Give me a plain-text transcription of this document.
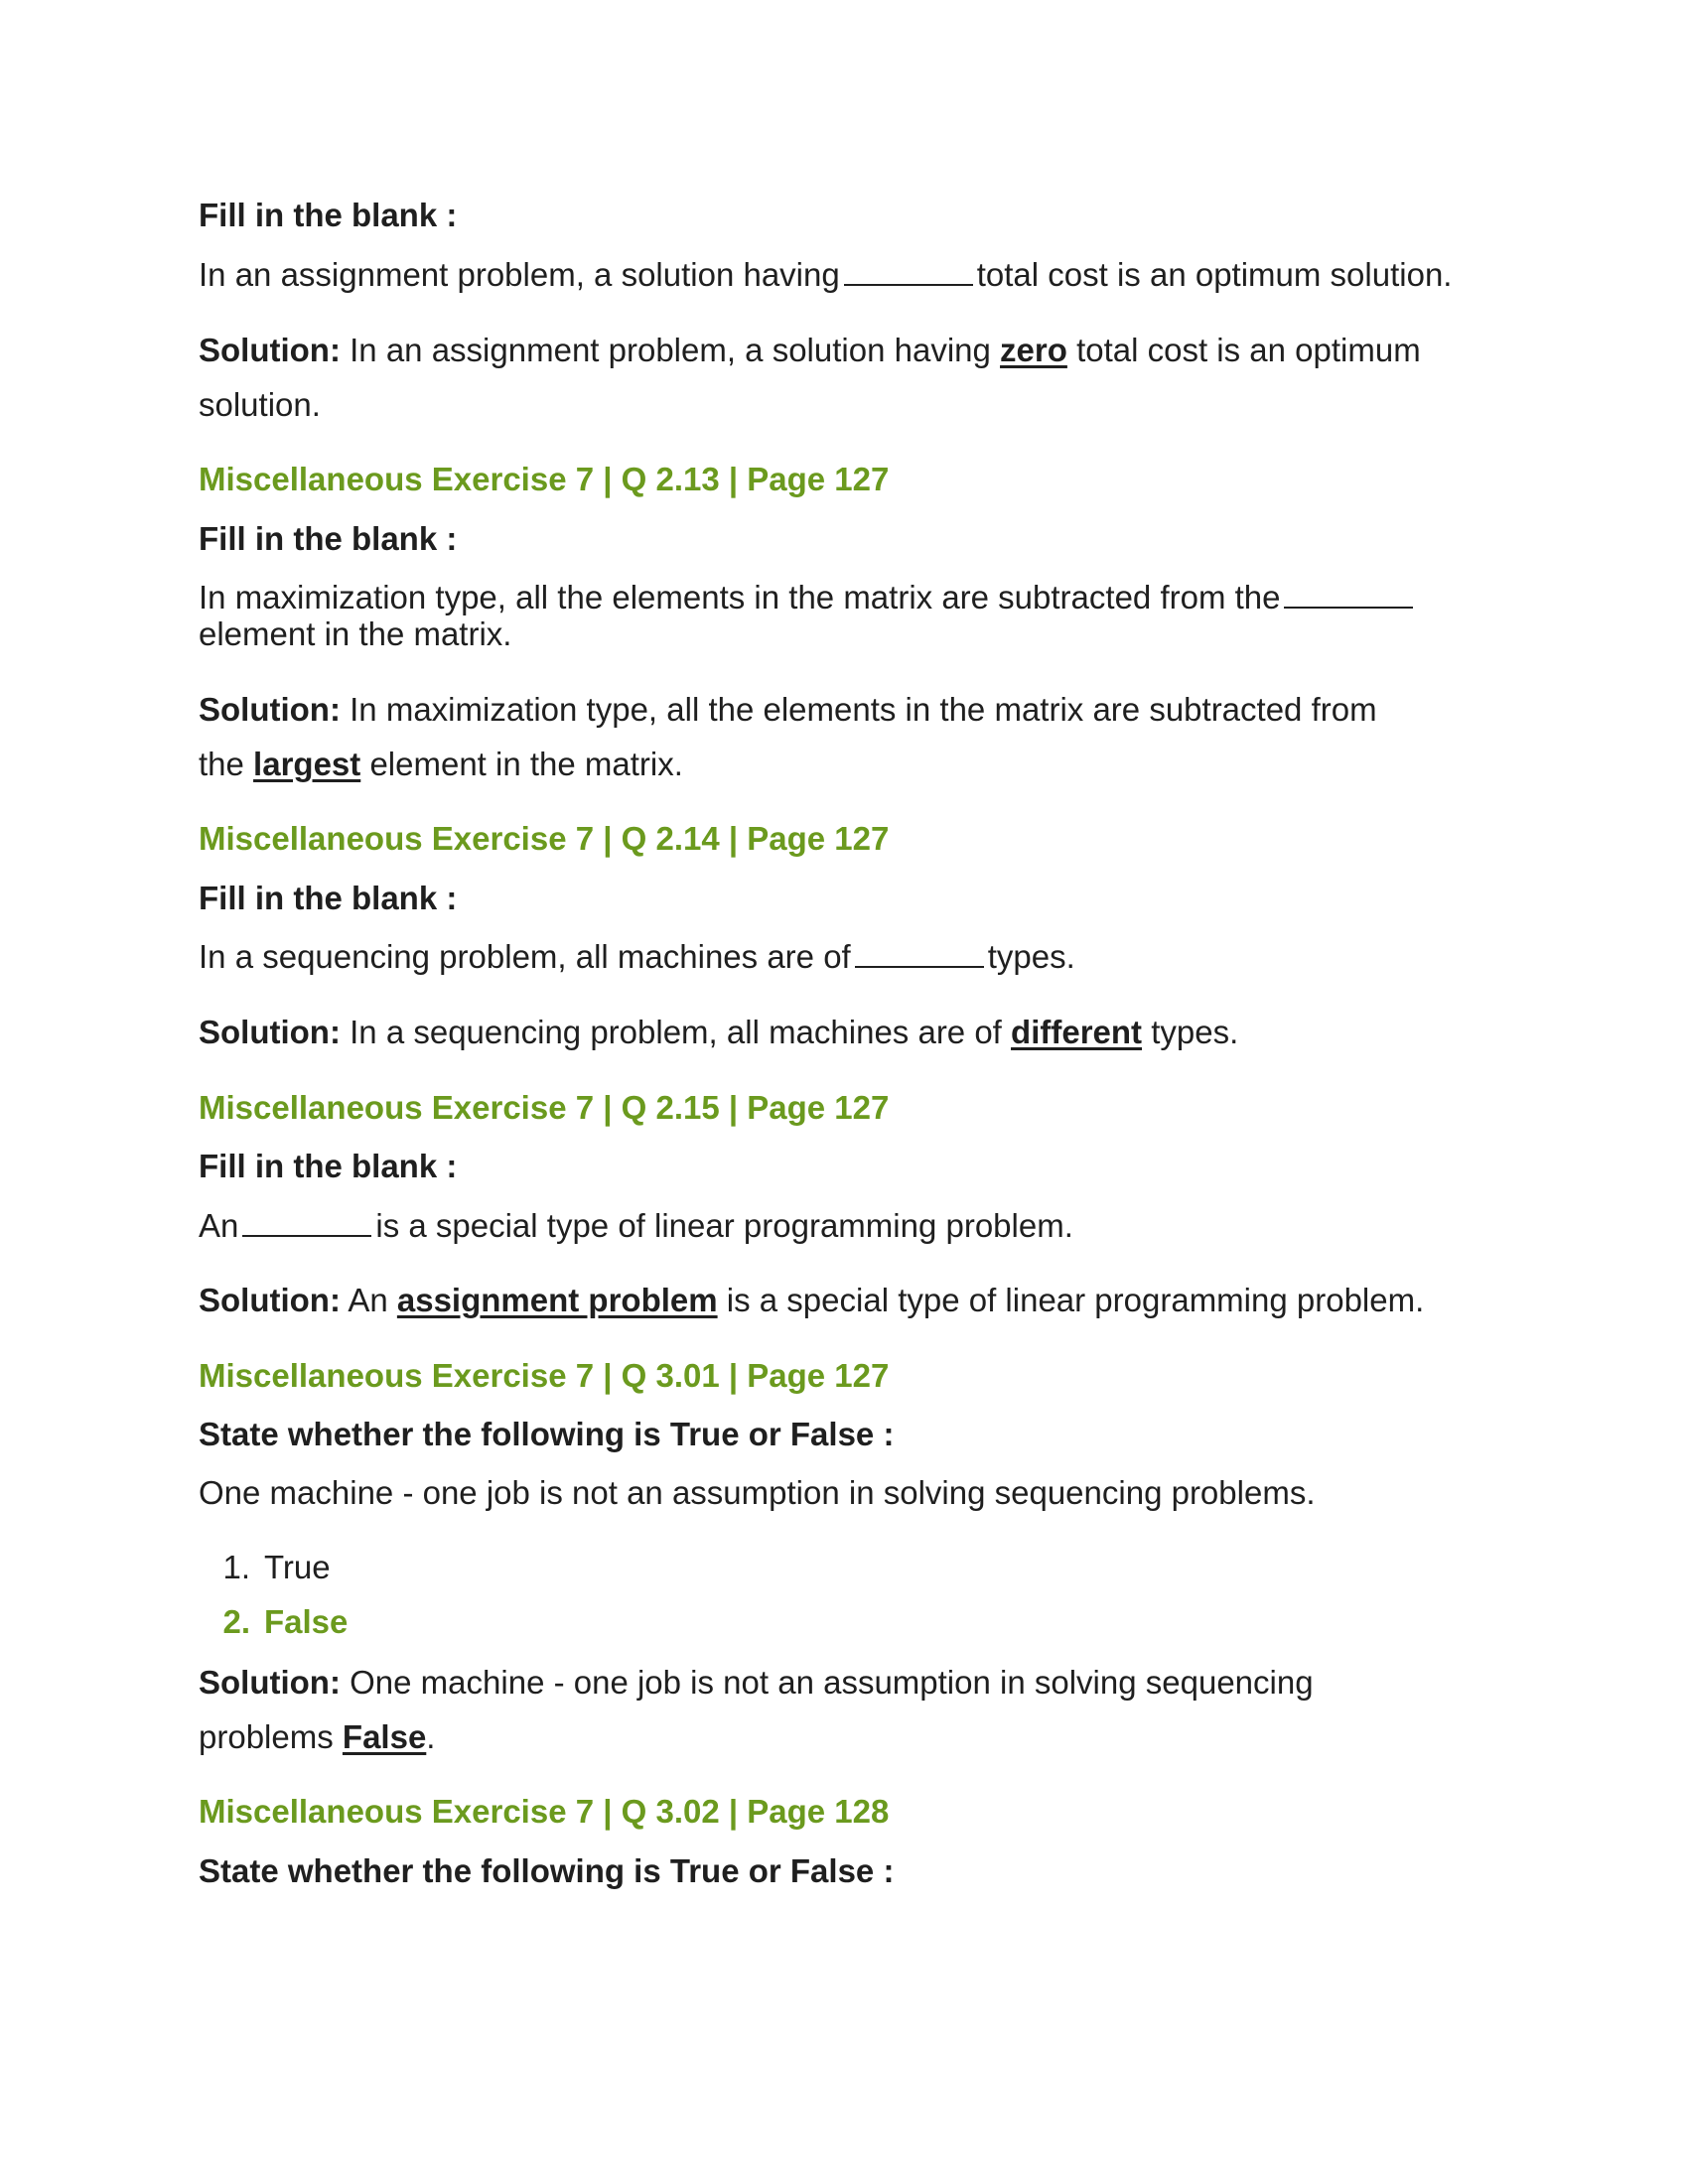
Fill in the blank :
In an assignment problem, a solution having	total cost is an optimum solution.
Solution: In an assignment problem, a solution having zero total cost is an optimum
solution.
Miscellaneous Exercise 7 | Q 2.13 | Page 127
Fill in the blank :
In maximization type, all the elements in the matrix are subtracted from the
element in the matrix.
Solution: In maximization type, all the elements in the matrix are subtracted from
the largest element in the matrix.
Miscellaneous Exercise 7 | Q 2.14 | Page 127
Fill in the blank :
In a sequencing problem, all machines are of	types.
Solution: In a sequencing problem, all machines are of different types.
Miscellaneous Exercise 7 | Q 2.15 | Page 127
Fill in the blank :
An	is a special type of linear programming problem.
Solution: An assignment problem is a special type of linear programming problem.
Miscellaneous Exercise 7 | Q 3.01 | Page 127
State whether the following is True or False :
One machine - one job is not an assumption in solving sequencing problems.
1. True
2. False
Solution: One machine - one job is not an assumption in solving sequencing
problems False.
Miscellaneous Exercise 7 | Q 3.02 | Page 128
State whether the following is True or False :
